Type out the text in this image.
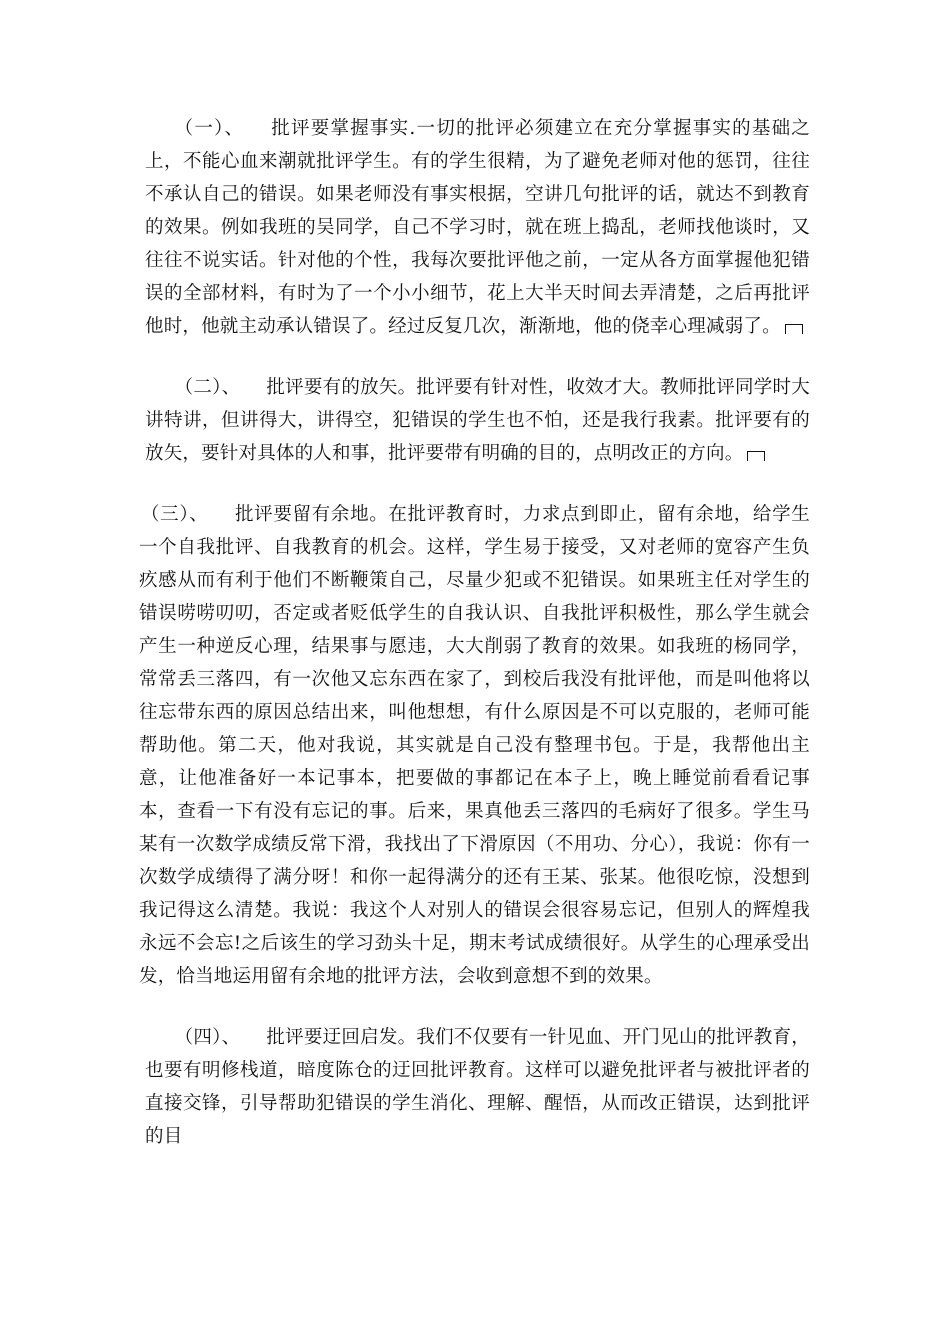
（一）、 批评要掌握事实.一切的批评必须建立在充分掌握事实的基础之上，不能心血来潮就批评学生。有的学生很精，为了避免老师对他的惩罚，往往不承认自己的错误。如果老师没有事实根据，空讲几句批评的话，就达不到教育的效果。例如我班的吴同学，自己不学习时，就在班上捣乱，老师找他谈时，又往往不说实话。针对他的个性，我每次要批评他之前，一定从各方面掌握他犯错误的全部材料，有时为了一个小小细节，花上大半天时间去弄清楚，之后再批评他时，他就主动承认错误了。经过反复几次，渐渐地，他的侥幸心理减弱了。

（二）、 批评要有的放矢。批评要有针对性，收效才大。教师批评同学时大讲特讲，但讲得大，讲得空，犯错误的学生也不怕，还是我行我素。批评要有的放矢，要针对具体的人和事，批评要带有明确的目的，点明改正的方向。

（三）、 批评要留有余地。在批评教育时，力求点到即止，留有余地，给学生一个自我批评、自我教育的机会。这样，学生易于接受，又对老师的宽容产生负疚感从而有利于他们不断鞭策自己，尽量少犯或不犯错误。如果班主任对学生的错误唠唠叨叨，否定或者贬低学生的自我认识、自我批评积极性，那么学生就会产生一种逆反心理，结果事与愿违，大大削弱了教育的效果。如我班的杨同学，常常丢三落四，有一次他又忘东西在家了，到校后我没有批评他，而是叫他将以往忘带东西的原因总结出来，叫他想想，有什么原因是不可以克服的，老师可能帮助他。第二天，他对我说，其实就是自己没有整理书包。于是，我帮他出主意，让他准备好一本记事本，把要做的事都记在本子上，晚上睡觉前看看记事本，查看一下有没有忘记的事。后来，果真他丢三落四的毛病好了很多。学生马某有一次数学成绩反常下滑，我找出了下滑原因（不用功、分心），我说：你有一次数学成绩得了满分呀！和你一起得满分的还有王某、张某。他很吃惊，没想到我记得这么清楚。我说：我这个人对别人的错误会很容易忘记，但别人的辉煌我永远不会忘!之后该生的学习劲头十足，期末考试成绩很好。从学生的心理承受出发，恰当地运用留有余地的批评方法，会收到意想不到的效果。

（四）、 批评要迂回启发。我们不仅要有一针见血、开门见山的批评教育，也要有明修栈道，暗度陈仓的迂回批评教育。这样可以避免批评者与被批评者的直接交锋，引导帮助犯错误的学生消化、理解、醒悟，从而改正错误，达到批评的目
